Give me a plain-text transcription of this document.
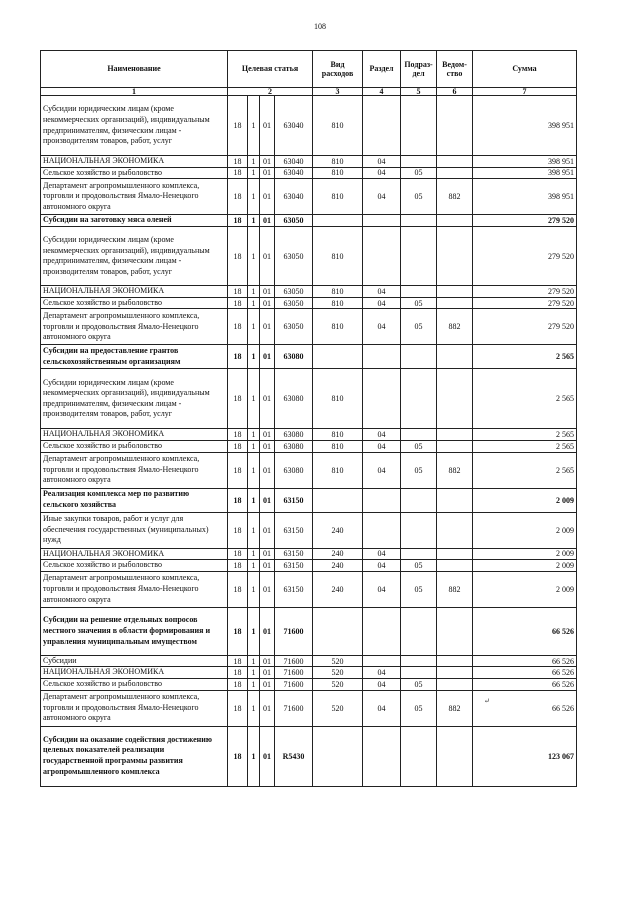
108
Наименование	Целевая статья				Вид расходов	Раздел	Подраз-дел	Ведом-ство	Сумма
1	2				3	4	5	6	7
Субсидии юридическим лицам (кроме некоммерческих организаций), индивидуальным предпринимателям, физическим лицам - производителям товаров, работ, услуг	18	1	01	63040	810				398 951
НАЦИОНАЛЬНАЯ ЭКОНОМИКА	18	1	01	63040	810	04			398 951
Сельское хозяйство и рыболовство	18	1	01	63040	810	04	05		398 951
Департамент агропромышленного комплекса, торговли и продовольствия Ямало-Ненецкого автономного округа	18	1	01	63040	810	04	05	882	398 951
Субсидии на заготовку мяса оленей	18	1	01	63050					279 520
Субсидии юридическим лицам (кроме некоммерческих организаций), индивидуальным предпринимателям, физическим лицам - производителям товаров, работ, услуг	18	1	01	63050	810				279 520
НАЦИОНАЛЬНАЯ ЭКОНОМИКА	18	1	01	63050	810	04			279 520
Сельское хозяйство и рыболовство	18	1	01	63050	810	04	05		279 520
Департамент агропромышленного комплекса, торговли и продовольствия Ямало-Ненецкого автономного округа	18	1	01	63050	810	04	05	882	279 520
Субсидии на предоставление грантов сельскохозяйственным организациям	18	1	01	63080					2 565
Субсидии юридическим лицам (кроме некоммерческих организаций), индивидуальным предпринимателям, физическим лицам - производителям товаров, работ, услуг	18	1	01	63080	810				2 565
НАЦИОНАЛЬНАЯ ЭКОНОМИКА	18	1	01	63080	810	04			2 565
Сельское хозяйство и рыболовство	18	1	01	63080	810	04	05		2 565
Департамент агропромышленного комплекса, торговли и продовольствия Ямало-Ненецкого автономного округа	18	1	01	63080	810	04	05	882	2 565
Реализация комплекса мер по развитию сельского хозяйства	18	1	01	63150					2 009
Иные закупки товаров, работ и услуг для обеспечения государственных (муниципальных) нужд	18	1	01	63150	240				2 009
НАЦИОНАЛЬНАЯ ЭКОНОМИКА	18	1	01	63150	240	04			2 009
Сельское хозяйство и рыболовство	18	1	01	63150	240	04	05		2 009
Департамент агропромышленного комплекса, торговли и продовольствия Ямало-Ненецкого автономного округа	18	1	01	63150	240	04	05	882	2 009
Субсидии на решение отдельных вопросов местного значения в области формирования и управления муниципальным имуществом	18	1	01	71600					66 526
Субсидии	18	1	01	71600	520				66 526
НАЦИОНАЛЬНАЯ ЭКОНОМИКА	18	1	01	71600	520	04			66 526
Сельское хозяйство и рыболовство	18	1	01	71600	520	04	05		66 526
Департамент агропромышленного комплекса, торговли и продовольствия Ямало-Ненецкого автономного округа	18	1	01	71600	520	04	05	882	66 526
Субсидии на оказание содействия достижению целевых показателей реализации государственной программы развития агропромышленного комплекса	18	1	01	R5430					123 067
↵
